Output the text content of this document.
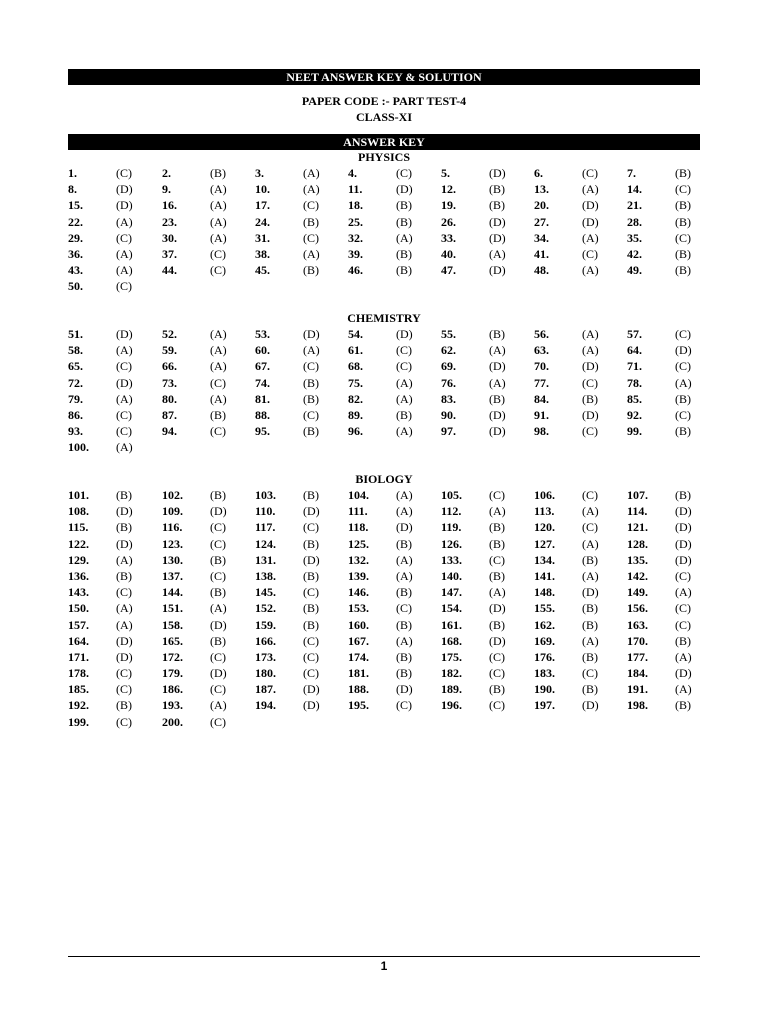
NEET ANSWER KEY & SOLUTION
PAPER CODE :- PART TEST-4
CLASS-XI
ANSWER KEY
PHYSICS
1.	(C)	2.	(B) 3.	(A) 4.	(C) 5.	(D) 6.	(C) 7.	(B)
8.	(D) 9.	(A) 10.	(A) 11.	(D) 12.	(B) 13.	(A) 14.	(C)
15.	(D) 16.	(A) 17.	(C) 18.	(B) 19.	(B) 20.	(D) 21.	(B)
22.	(A) 23.	(A) 24.	(B) 25.	(B) 26.	(D) 27.	(D) 28.	(B)
29.	(C)	30.	(A) 31.	(C) 32.	(A) 33.	(D) 34.	(A) 35.	(C)
36.	(A) 37.	(C) 38.	(A) 39.	(B) 40.	(A) 41.	(C) 42.	(B)
43.	(A) 44.	(C) 45.	(B) 46.	(B) 47.	(D) 48.	(A) 49.	(B)
50.	(C)
CHEMISTRY
51.	(D) 52.	(A) 53.	(D) 54.	(D) 55.	(B) 56.	(A) 57.	(C)
58.	(A) 59.	(A) 60.	(A) 61.	(C) 62.	(A) 63.	(A) 64.	(D)
65.	(C)	66.	(A) 67.	(C) 68.	(C) 69.	(D) 70.	(D) 71.	(C)
72.	(D) 73.	(C) 74.	(B) 75.	(A) 76.	(A) 77.	(C) 78.	(A)
79.	(A) 80.	(A) 81.	(B) 82.	(A) 83.	(B) 84.	(B) 85.	(B)
86.	(C)	87.	(B) 88.	(C) 89.	(B) 90.	(D) 91.	(D) 92.	(C)
93.	(C)	94.	(C) 95.	(B) 96.	(A) 97.	(D) 98.	(C) 99.	(B)
100. (A)
BIOLOGY
101. (B)	102. (B) 103. (B) 104. (A) 105. (C) 106. (C) 107. (B)
108. (D) 109. (D) 110. (D) 111. (A) 112. (A) 113. (A) 114. (D)
115. (B)	116. (C) 117. (C) 118. (D) 119. (B) 120. (C) 121. (D)
122. (D) 123. (C) 124. (B) 125. (B) 126. (B) 127. (A) 128. (D)
129. (A) 130. (B) 131. (D) 132. (A) 133. (C) 134. (B) 135. (D)
136. (B)	137. (C) 138. (B) 139. (A) 140. (B) 141. (A) 142. (C)
143. (C)	144. (B) 145. (C) 146. (B) 147. (A) 148. (D) 149. (A)
150. (A) 151. (A) 152. (B) 153. (C) 154. (D) 155. (B) 156. (C)
157. (A) 158. (D) 159. (B) 160. (B) 161. (B) 162. (B) 163. (C)
164. (D) 165. (B) 166. (C) 167. (A) 168. (D) 169. (A) 170. (B)
171. (D) 172. (C) 173. (C) 174. (B) 175. (C) 176. (B) 177. (A)
178. (C)	179. (D) 180. (C) 181. (B) 182. (C) 183. (C) 184. (D)
185. (C)	186. (C) 187. (D) 188. (D) 189. (B) 190. (B) 191. (A)
192. (B)	193. (A) 194. (D) 195. (C) 196. (C) 197. (D) 198. (B)
199. (C)	200. (C)
1
